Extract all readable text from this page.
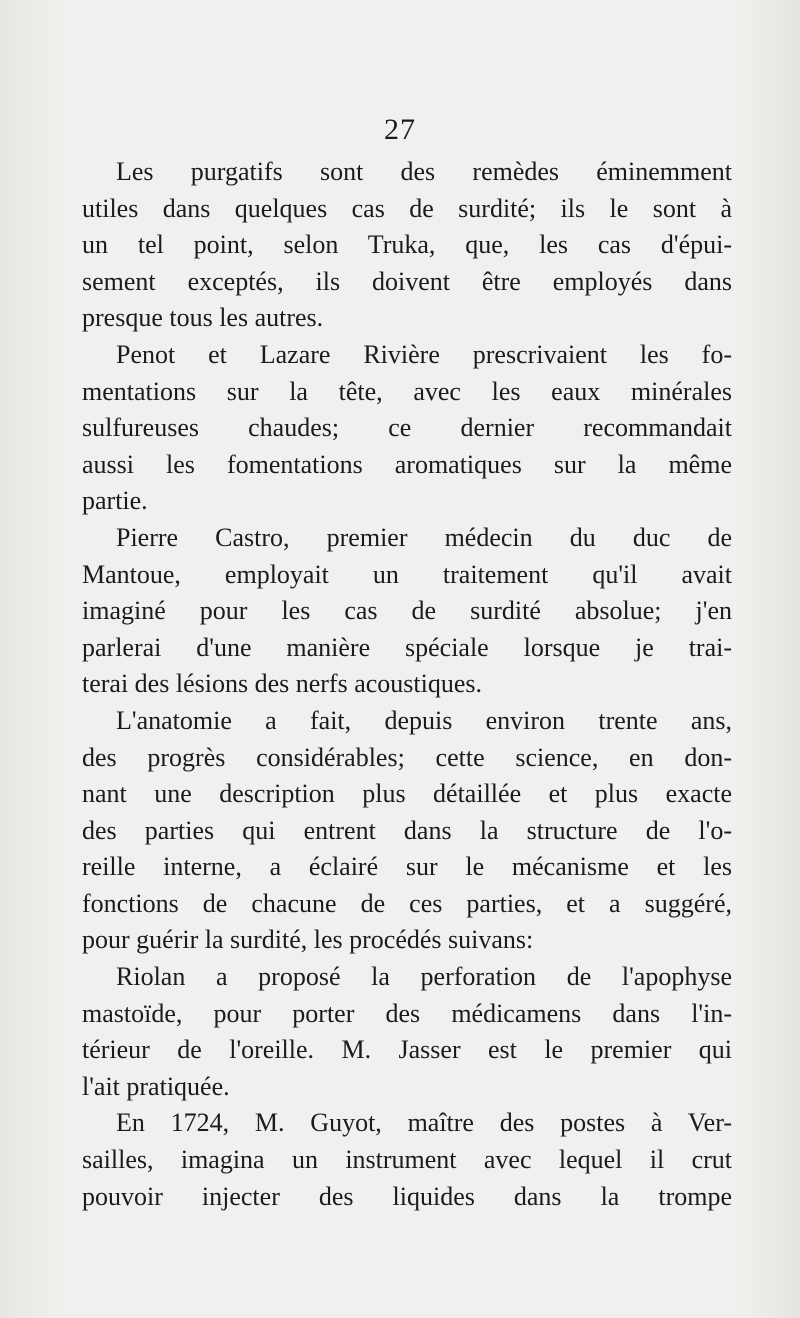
27
Les purgatifs sont des remèdes éminemment
utiles dans quelques cas de surdité; ils le sont à
un tel point, selon Truka, que, les cas d'épui-
sement exceptés, ils doivent être employés dans
presque tous les autres.
Penot et Lazare Rivière prescrivaient les fo-
mentations sur la tête, avec les eaux minérales
sulfureuses chaudes; ce dernier recommandait
aussi les fomentations aromatiques sur la même
partie.
Pierre Castro, premier médecin du duc de
Mantoue, employait un traitement qu'il avait
imaginé pour les cas de surdité absolue; j'en
parlerai d'une manière spéciale lorsque je trai-
terai des lésions des nerfs acoustiques.
L'anatomie a fait, depuis environ trente ans,
des progrès considérables; cette science, en don-
nant une description plus détaillée et plus exacte
des parties qui entrent dans la structure de l'o-
reille interne, a éclairé sur le mécanisme et les
fonctions de chacune de ces parties, et a suggéré,
pour guérir la surdité, les procédés suivans:
Riolan a proposé la perforation de l'apophyse
mastoïde, pour porter des médicamens dans l'in-
térieur de l'oreille. M. Jasser est le premier qui
l'ait pratiquée.
En 1724, M. Guyot, maître des postes à Ver-
sailles, imagina un instrument avec lequel il crut
pouvoir injecter des liquides dans la trompe
